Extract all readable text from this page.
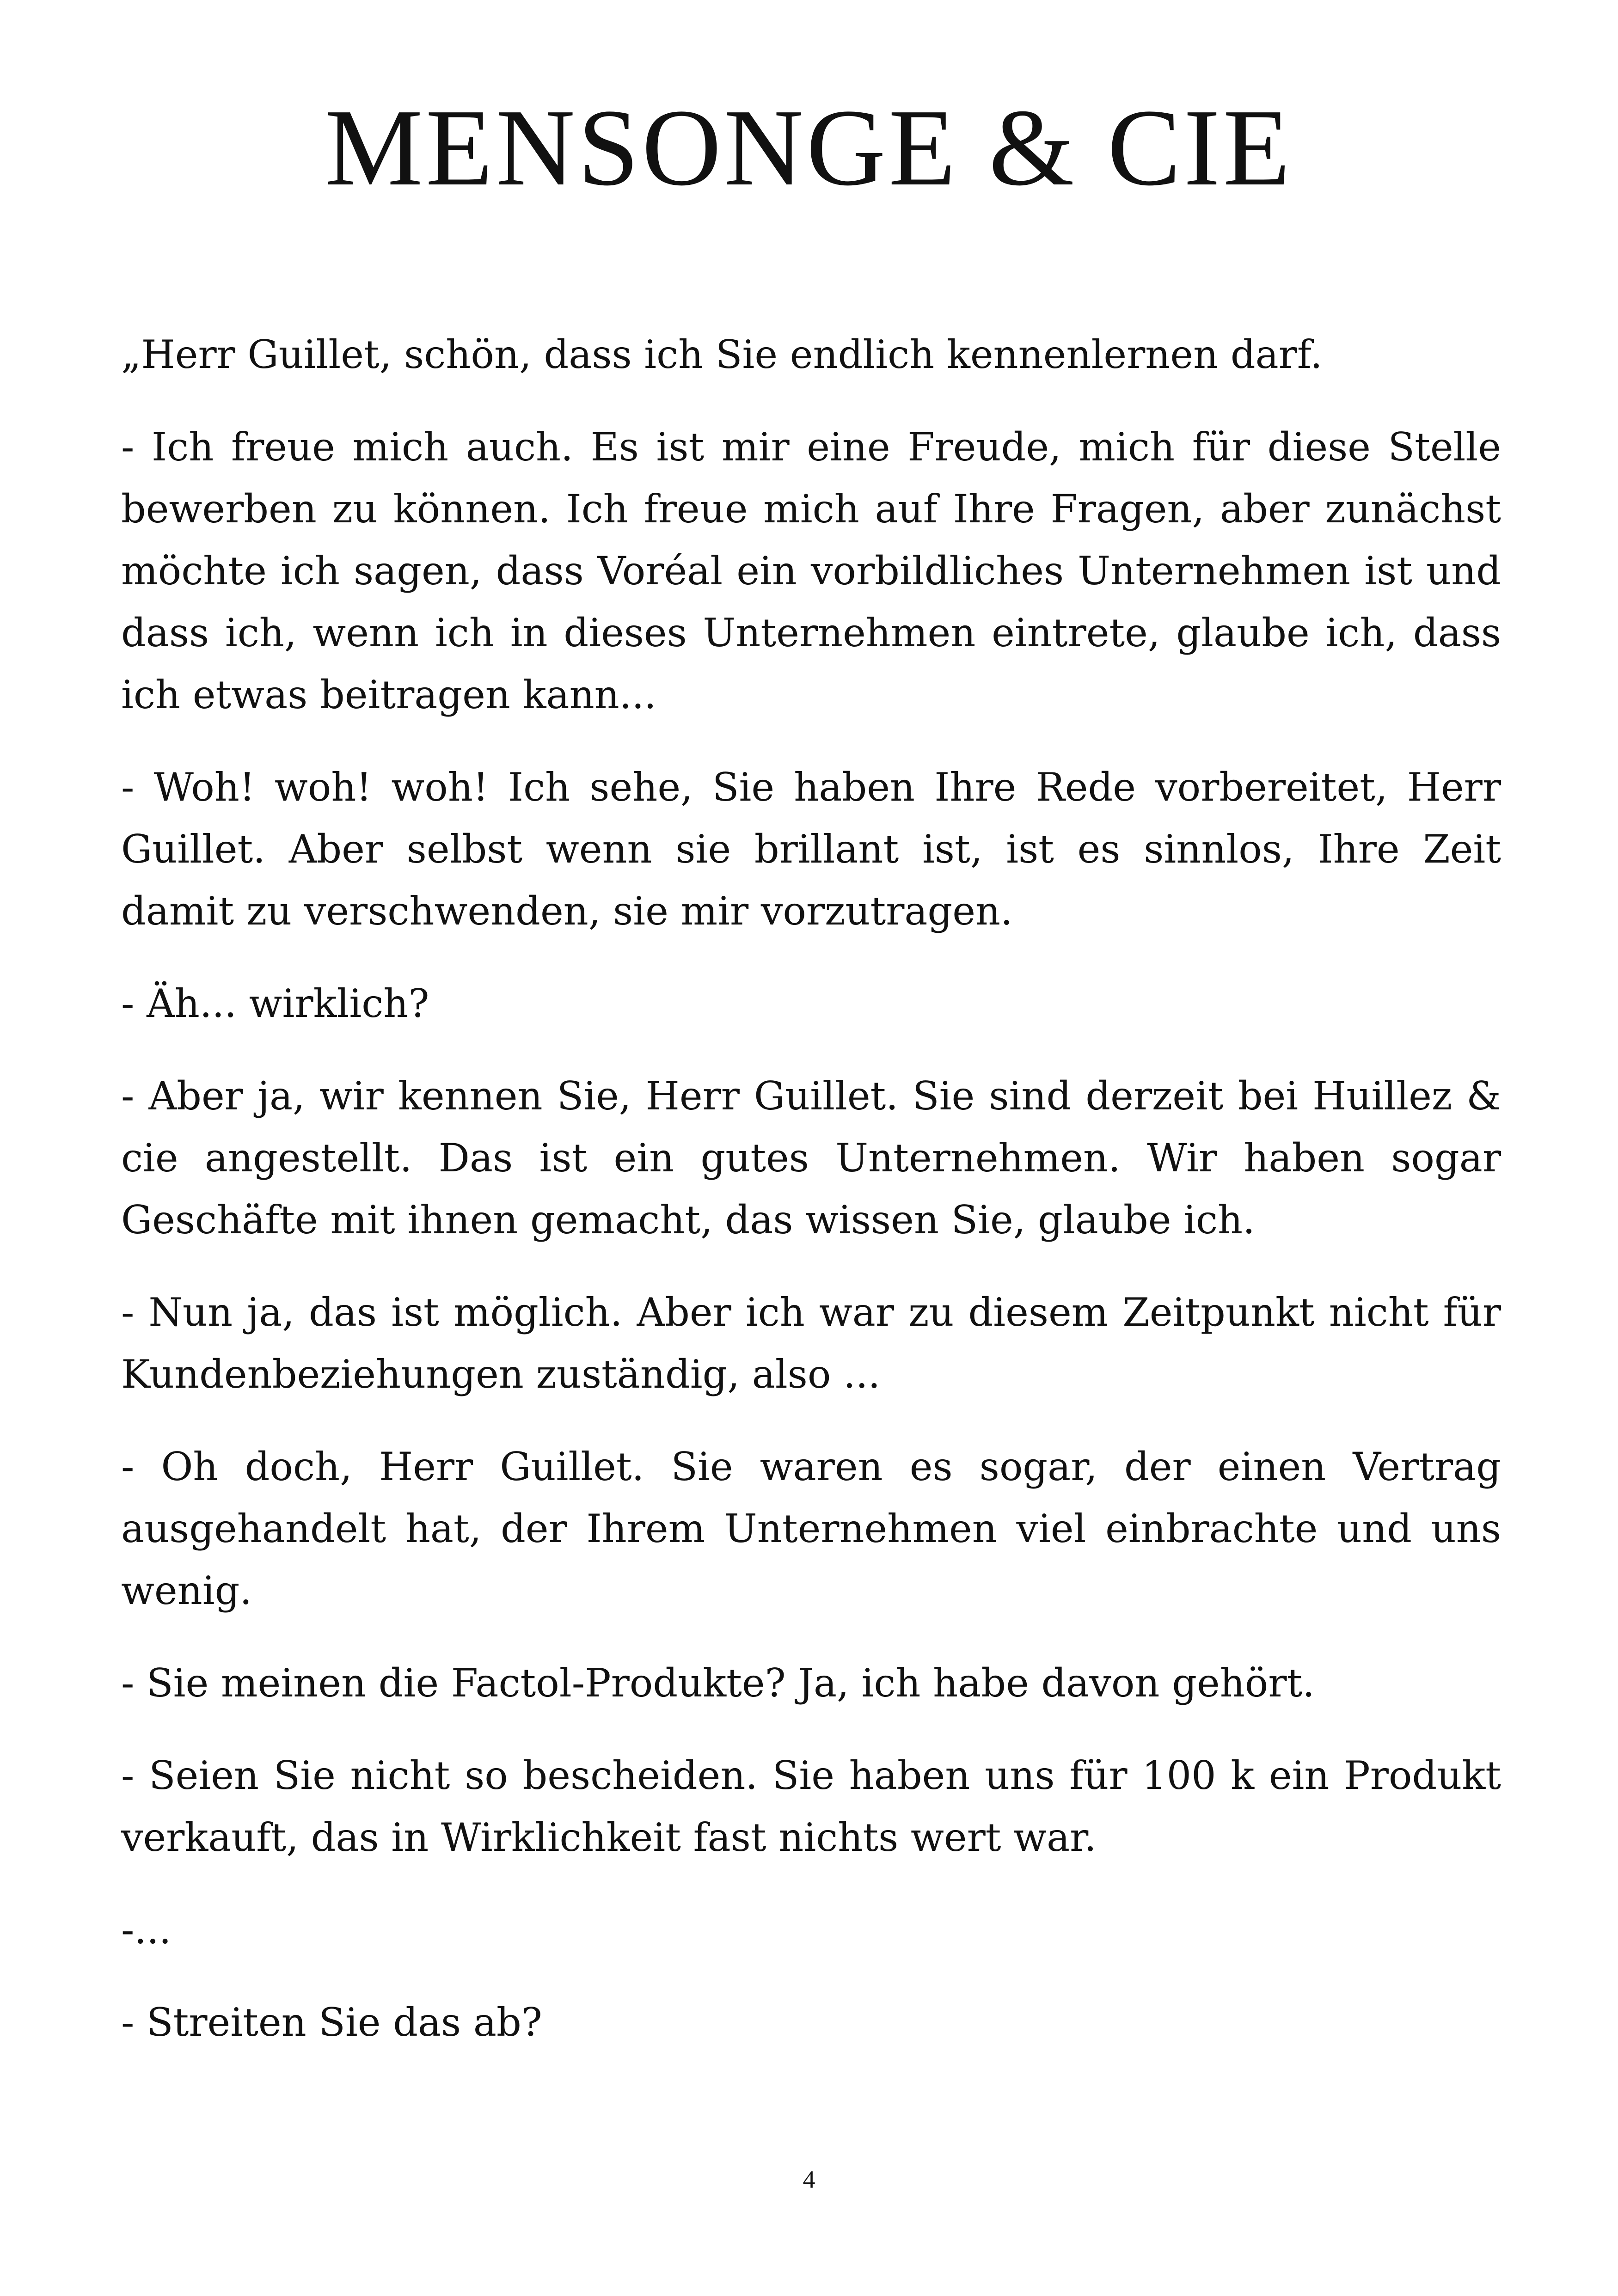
MENSONGE & CIE

„Herr Guillet, schön, dass ich Sie endlich kennenlernen darf.

- Ich freue mich auch. Es ist mir eine Freude, mich für diese Stelle bewerben zu können. Ich freue mich auf Ihre Fragen, aber zunächst möchte ich sagen, dass Voréal ein vorbildliches Unternehmen ist und dass ich, wenn ich in dieses Unternehmen eintrete, glaube ich, dass ich etwas beitragen kann...

- Woh! woh! woh! Ich sehe, Sie haben Ihre Rede vorbereitet, Herr Guillet. Aber selbst wenn sie brillant ist, ist es sinnlos, Ihre Zeit damit zu verschwenden, sie mir vorzutragen.

- Äh... wirklich?

- Aber ja, wir kennen Sie, Herr Guillet. Sie sind derzeit bei Huillez & cie angestellt. Das ist ein gutes Unternehmen. Wir haben sogar Geschäfte mit ihnen gemacht, das wissen Sie, glaube ich.

- Nun ja, das ist möglich. Aber ich war zu diesem Zeitpunkt nicht für Kundenbeziehungen zuständig, also ...

- Oh doch, Herr Guillet. Sie waren es sogar, der einen Vertrag ausgehandelt hat, der Ihrem Unternehmen viel einbrachte und uns wenig.

- Sie meinen die Factol-Produkte? Ja, ich habe davon gehört.

- Seien Sie nicht so bescheiden. Sie haben uns für 100 k ein Produkt verkauft, das in Wirklichkeit fast nichts wert war.

-...

- Streiten Sie das ab?

4
